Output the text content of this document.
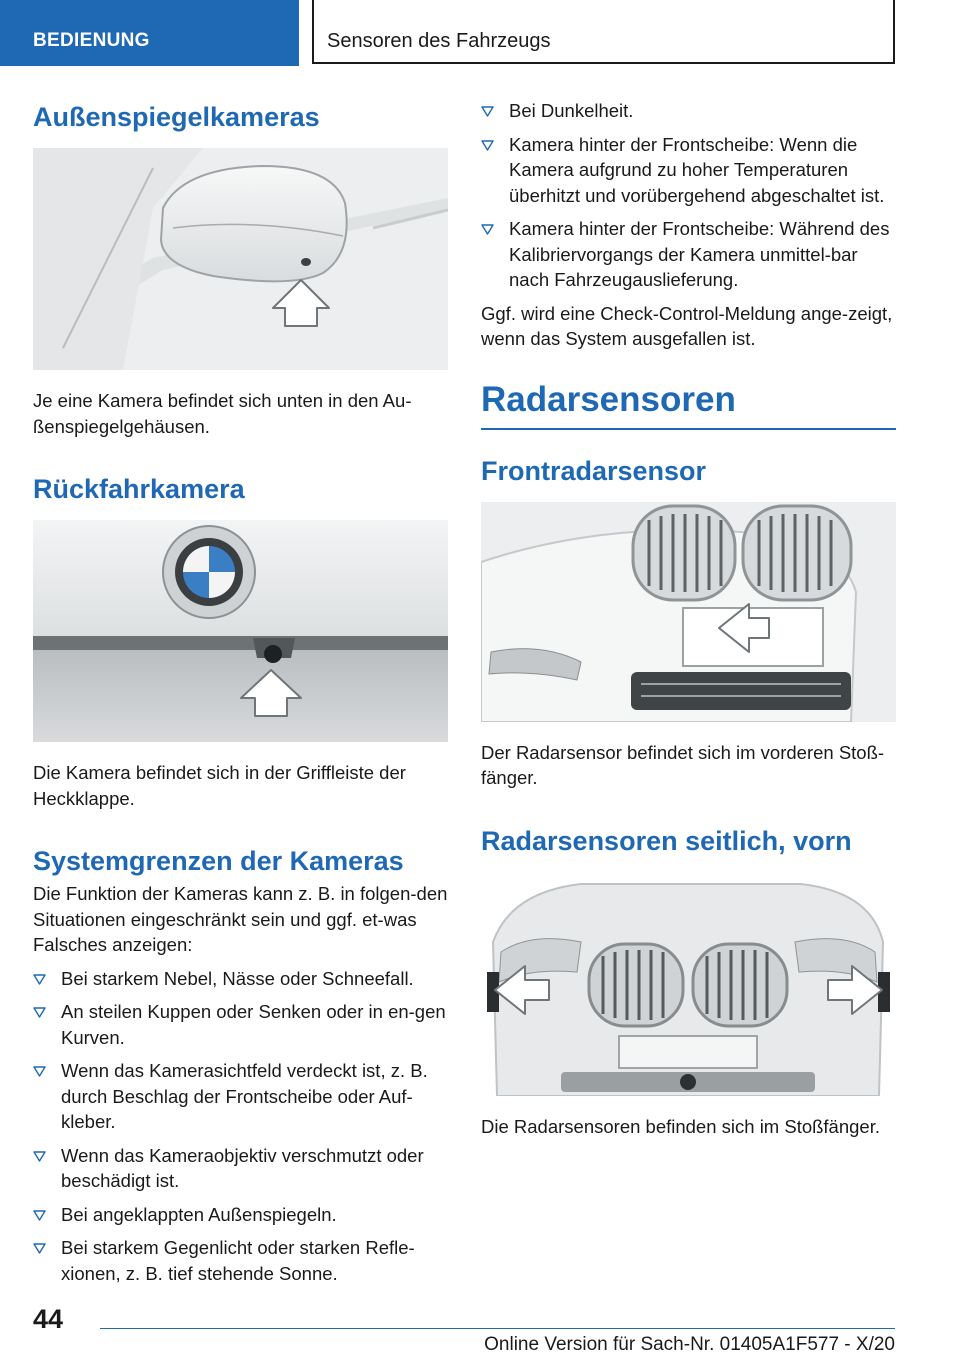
BEDIENUNG	Sensoren des Fahrzeugs
Außenspiegelkameras

Je eine Kamera befindet sich unten in den Au-ßenspiegelgehäusen.

Rückfahrkamera

Die Kamera befindet sich in der Griffleiste der Heckklappe.

Systemgrenzen der Kameras

Die Funktion der Kameras kann z. B. in folgen-den Situationen eingeschränkt sein und ggf. et-was Falsches anzeigen:

Bei starkem Nebel, Nässe oder Schneefall.
An steilen Kuppen oder Senken oder in en-gen Kurven.
Wenn das Kamerasichtfeld verdeckt ist, z. B. durch Beschlag der Frontscheibe oder Auf-kleber.
Wenn das Kameraobjektiv verschmutzt oder beschädigt ist.
Bei angeklappten Außenspiegeln.
Bei starkem Gegenlicht oder starken Refle-xionen, z. B. tief stehende Sonne.
Bei Dunkelheit.
Kamera hinter der Frontscheibe: Wenn die Kamera aufgrund zu hoher Temperaturen überhitzt und vorübergehend abgeschaltet ist.
Kamera hinter der Frontscheibe: Während des Kalibriervorgangs der Kamera unmittel-bar nach Fahrzeugauslieferung.

Ggf. wird eine Check-Control-Meldung ange-zeigt, wenn das System ausgefallen ist.

Radarsensoren
Frontradarsensor

Der Radarsensor befindet sich im vorderen Stoß-fänger.

Radarsensoren seitlich, vorn

Die Radarsensoren befinden sich im Stoßfänger.

44
Online Version für Sach-Nr. 01405A1F577 - X/20
